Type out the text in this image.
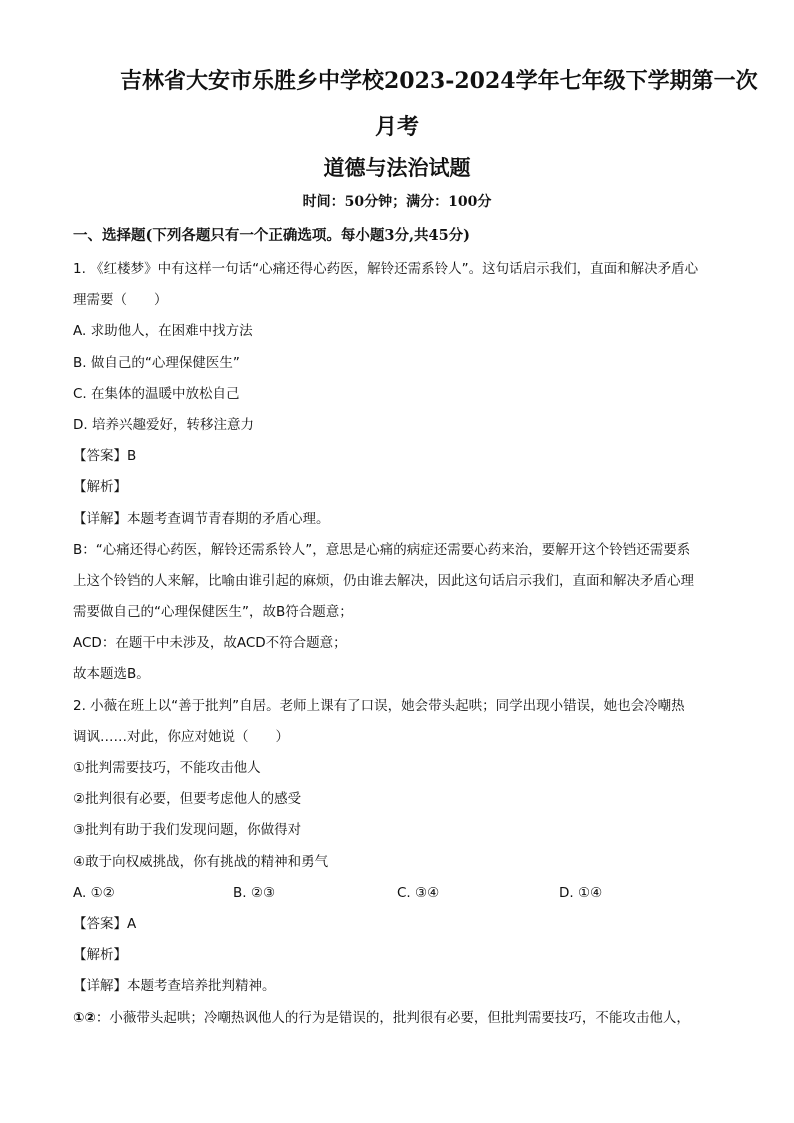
吉林省大安市乐胜乡中学校2023-2024学年七年级下学期第一次
月考
道德与法治试题
时间：50分钟；满分：100分
一、选择题(下列各题只有一个正确选项。每小题3分,共45分)
1. 《红楼梦》中有这样一句话“心痛还得心药医，解铃还需系铃人”。这句话启示我们，直面和解决矛盾心
理需要（　　）
A. 求助他人，在困难中找方法
B. 做自己的“心理保健医生”
C. 在集体的温暖中放松自己
D. 培养兴趣爱好，转移注意力
【答案】B
【解析】
【详解】本题考查调节青春期的矛盾心理。
B：“心痛还得心药医，解铃还需系铃人”，意思是心痛的病症还需要心药来治，要解开这个铃铛还需要系
上这个铃铛的人来解，比喻由谁引起的麻烦，仍由谁去解决，因此这句话启示我们，直面和解决矛盾心理
需要做自己的“心理保健医生”，故B符合题意；
ACD：在题干中未涉及，故ACD不符合题意；
故本题选B。
2. 小薇在班上以“善于批判”自居。老师上课有了口误，她会带头起哄；同学出现小错误，她也会冷嘲热
调讽……对此，你应对她说（　　）
①批判需要技巧，不能攻击他人
②批判很有必要，但要考虑他人的感受
③批判有助于我们发现问题，你做得对
④敢于向权威挑战，你有挑战的精神和勇气
A. ①②	B. ②③	C. ③④	D. ①④
【答案】A
【解析】
【详解】本题考查培养批判精神。
①②：小薇带头起哄；冷嘲热讽他人的行为是错误的，批判很有必要，但批判需要技巧，不能攻击他人，
